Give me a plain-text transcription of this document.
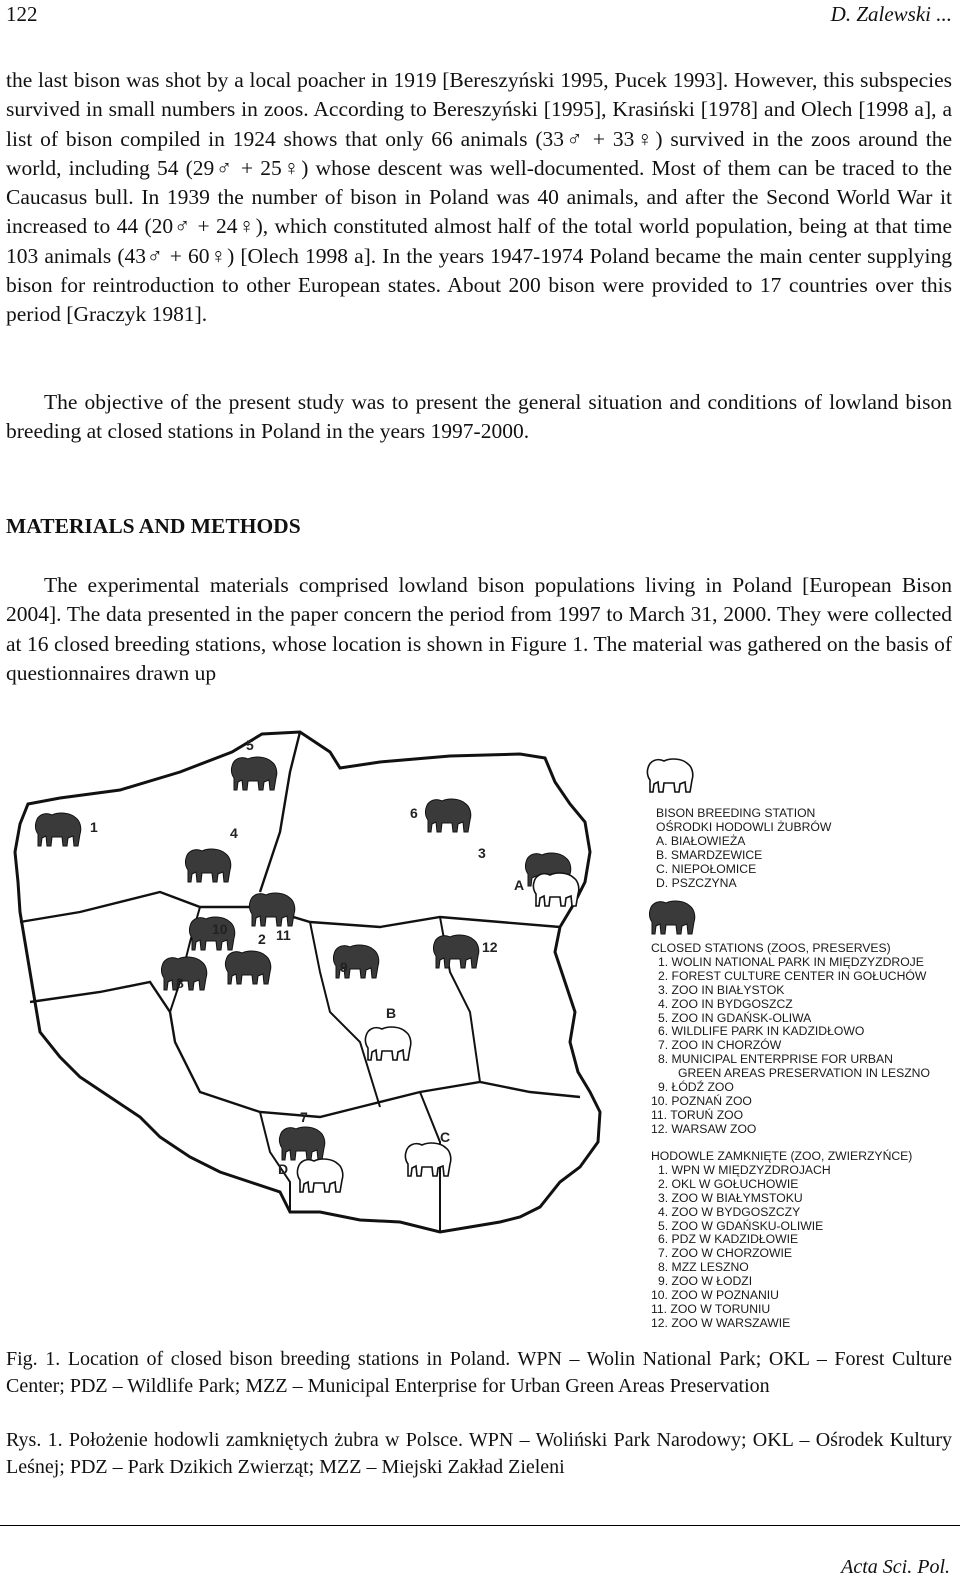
122	D. Zalewski ...

the last bison was shot by a local poacher in 1919 [Bereszyński 1995, Pucek 1993]. However, this subspecies survived in small numbers in zoos. According to Bereszyński [1995], Krasiński [1978] and Olech [1998 a], a list of bison compiled in 1924 shows that only 66 animals (33♂ + 33♀) survived in the zoos around the world, including 54 (29♂ + 25♀) whose descent was well-documented. Most of them can be traced to the Caucasus bull. In 1939 the number of bison in Poland was 40 animals, and after the Second World War it increased to 44 (20♂ + 24♀), which constituted almost half of the total world population, being at that time 103 animals (43♂ + 60♀) [Olech 1998 a]. In the years 1947-1974 Poland became the main center supplying bison for reintroduction to other European states. About 200 bison were provided to 17 countries over this period [Graczyk 1981].

The objective of the present study was to present the general situation and conditions of lowland bison breeding at closed stations in Poland in the years 1997-2000.

MATERIALS AND METHODS

The experimental materials comprised lowland bison populations living in Poland [European Bison 2004]. The data presented in the paper concern the period from 1997 to March 31, 2000. They were collected at 16 closed breeding stations, whose location is shown in Figure 1. The material was gathered on the basis of questionnaires drawn up

1
2
3
4
5
6
7
8
9
10	11
12
A
B
C
D
BISON BREEDING STATION
OŚRODKI HODOWLI ŻUBRÓW
A. BIAŁOWIEŻA
B. SMARDZEWICE
C. NIEPOŁOMICE
D. PSZCZYNA
CLOSED STATIONS (ZOOS, PRESERVES)
1. WOLIN NATIONAL PARK IN MIĘDZYZDROJE
2. FOREST CULTURE CENTER IN GOŁUCHÓW
3. ZOO IN BIAŁYSTOK
4. ZOO IN BYDGOSZCZ
5. ZOO IN GDAŃSK-OLIWA
6. WILDLIFE PARK IN KADZIDŁOWO
7. ZOO IN CHORZÓW
8. MUNICIPAL ENTERPRISE FOR URBAN
GREEN AREAS PRESERVATION IN LESZNO
9. ŁÓDŹ ZOO
10. POZNAŃ ZOO
11. TORUŃ ZOO
12. WARSAW ZOO
HODOWLE ZAMKNIĘTE (ZOO, ZWIERZYŃCE)
1. WPN W MIĘDZYZDROJACH
2. OKL W GOŁUCHOWIE
3. ZOO W BIAŁYMSTOKU
4. ZOO W BYDGOSZCZY
5. ZOO W GDAŃSKU-OLIWIE
6. PDZ W KADZIDŁOWIE
7. ZOO W CHORZOWIE
8. MZZ LESZNO
9. ZOO W ŁODZI
10. ZOO W POZNANIU
11. ZOO W TORUNIU
12. ZOO W WARSZAWIE

Fig. 1. Location of closed bison breeding stations in Poland. WPN – Wolin National Park; OKL – Forest Culture Center; PDZ – Wildlife Park; MZZ – Municipal Enterprise for Urban Green Areas Preservation

Rys. 1. Położenie hodowli zamkniętych żubra w Polsce. WPN – Woliński Park Narodowy; OKL – Ośrodek Kultury Leśnej; PDZ – Park Dzikich Zwierząt; MZZ – Miejski Zakład Zieleni

Acta Sci. Pol.
